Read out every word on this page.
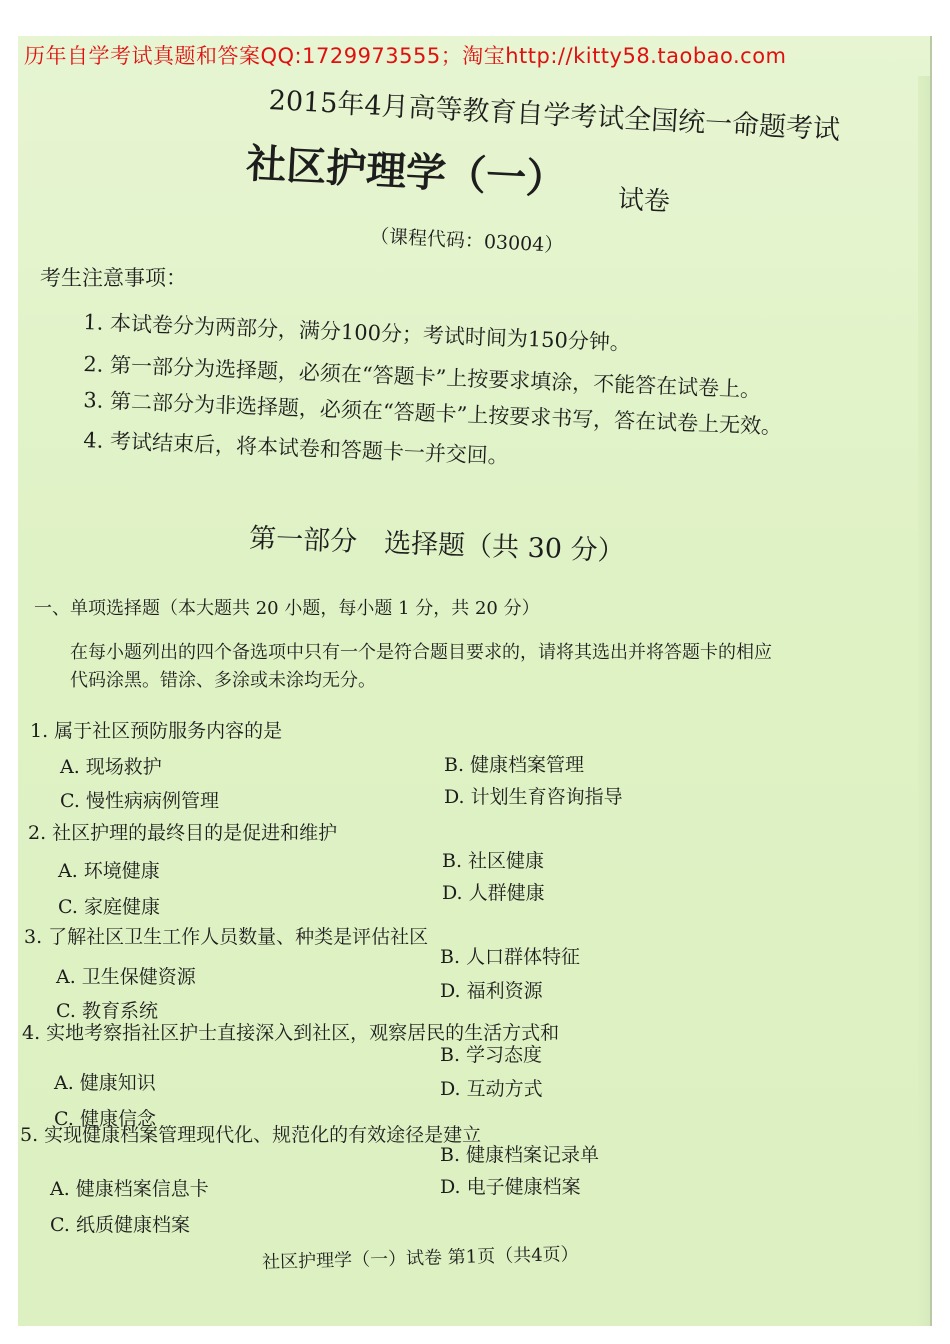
历年自学考试真题和答案QQ:1729973555；淘宝http://kitty58.taobao.com
2015年4月高等教育自学考试全国统一命题考试
社区护理学（一） 试卷
（课程代码：03004）
考生注意事项：
1. 本试卷分为两部分，满分100分；考试时间为150分钟。
2. 第一部分为选择题，必须在“答题卡”上按要求填涂，不能答在试卷上。
3. 第二部分为非选择题，必须在“答题卡”上按要求书写，答在试卷上无效。
4. 考试结束后，将本试卷和答题卡一并交回。
第一部分　选择题（共 30 分）
一、单项选择题（本大题共 20 小题，每小题 1 分，共 20 分）
在每小题列出的四个备选项中只有一个是符合题目要求的，请将其选出并将答题卡的相应
代码涂黑。错涂、多涂或未涂均无分。
1. 属于社区预防服务内容的是
A. 现场救护	B. 健康档案管理
C. 慢性病病例管理	D. 计划生育咨询指导
2. 社区护理的最终目的是促进和维护
A. 环境健康	B. 社区健康
C. 家庭健康
D. 人群健康
3. 了解社区卫生工作人员数量、种类是评估社区
A. 卫生保健资源
B. 人口群体特征
C. 教育系统
D. 福利资源
4. 实地考察指社区护士直接深入到社区，观察居民的生活方式和
A. 健康知识
B. 学习态度
C. 健康信念
D. 互动方式
5. 实现健康档案管理现代化、规范化的有效途径是建立
A. 健康档案信息卡
B. 健康档案记录单
C. 纸质健康档案
D. 电子健康档案
社区护理学（一）试卷 第1页（共4页）
